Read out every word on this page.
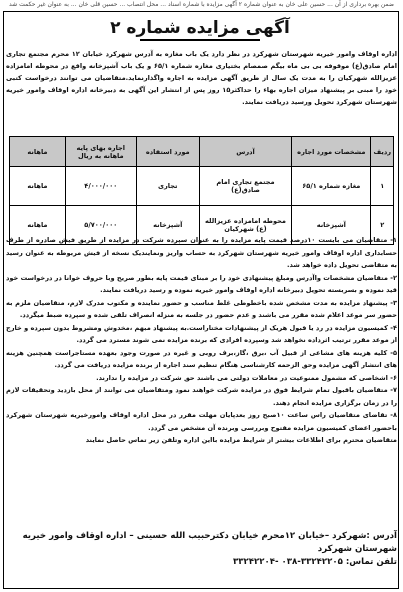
ضمن بهره برداری از آن ... حسین علی خان به عنوان شماره ۲ آگهی مزایده با شماره اسناد ... محل انتصاب ... حسین قلی خان ... به عنوان غیر حکمت شد
آگهی مزایده شماره ۲
اداره اوقاف وامور خیریه شهرستان شهرکرد در نظر دارد یک باب مغازه به آدرس شهرکرد خیابان ۱۲ محرم مجتمع تجاری امام صادق(ع) موقوفه بی بی ماه بیگم صمصام بختیاری مغازه شماره ۶۵/۱ و یک باب آشپزخانه واقع در محوطه امامزاده عزیزالله شهرکیان را به مدت یک سال از طریق آگهی مزایده به اجاره واگذارنماید.متقاضیان می توانند درخواست کتبی خود را مبنی بر پیشنهاد میزان اجاره بهاء را حداکثر۱۵ روز پس از انتشار این آگهی به دبیرخانه اداره اوقاف وامور خیریه شهرستان شهرکرد تحویل ورسید دریافت نمایند.
ردیف	مشخصات مورد اجاره	آدرس	مورد استفاده	اجاره بهای پایه ماهانه به ریال	ماهانه
۱	مغازه شماره ۶۵/۱	مجتمع تجاری امام صادق(ع)	تجاری	۴/۰۰۰/۰۰۰	ماهانه
۲	آشپزخانه	محوطه امامزاده عزیزالله (ع) شهرکیان	آشپزخانه	۵/۷۰۰/۰۰۰	ماهانه

۱- متقاضیان می بایست ۱۰درصد قیمت پایه مزایده را به عنوان سپرده شرکت در مزایده از طریق فیش صادره از طرف حسابداری اداره اوقاف وامور خیریه شهرستان شهرکرد به حساب واریز ونمایندیک نسخه از فیش مربوطه به عنوان رسید به متقاضی تحویل داده خواهد شد.

۲- متقاضیان مشخصات واآدرس ومبلغ پیشنهادی خود را بر مبنای قیمت پایه بطور صریح وبا حروف خوانا در درخواست خود قید نموده و بسربسته تحویل دبیرخانه اداره اوقاف وامور خیریه نموده و رسید دریافت نمایند.

۳- پیشنهاد مزایده به مدت مشخص شده باخطوطی غلط مناسب و حضور نماینده و مکتوب مدرک لازم، متقاضیان ملزم به حضور سر موعد اعلام شده مقرر می باشند و عدم حضور در جلسه به منزله انصراف تلقی شده و سپرده ضبط میگردد.

۴- کمیسیون مزایده در رد یا قبول هریک از پیشنهادات مختاراست.به پیشنهاد مبهم ،مخدوش ومشروط بدون سپرده و خارج از موعد مقرر ترتیب اثرداده نخواهد شد وسپرده افرادی که برنده مزایده نمی شوند مسترد می گردد.

۵- کلیه هزینه های مشاعی از قبیل آب ،برق ،گاز،برف روبی و غیره در صورت وجود بعهده مستاجراست همچنین هزینه های انتشار آگهی مزایده وحق الزحمه کارشناسی هنگام تنظیم سند اجاره از برنده مزایده دریافت می گردد.

۶- اشخاصی که مشمول ممنوعیت در معاملات دولتی می باشند حق شرکت در مزایده را ندارند.

۷- متقاضیان باقبول تمام شرایط فوق در مزایده شرکت خواهند نمود ومتقاضیان می توانند از محل بازدید وتحقیقات لازم را در زمان برگزاری مزایده انجام دهند.

۸- تقاضای متقاضیان راس ساعت ۱۰صبح روز بعدپایان مهلت مقرر در محل اداره اوقاف وامورخیریه شهرستان شهرکرد باحضور اعضای کمیسیون مزایده مفتوح وبررسی وبرنده آن مشخص می گردد.

متقاضیان محترم برای اطلاعات بیشتر از شرایط مزایده بااین اداره وتلفن زیر تماس حاصل نمایند

آدرس :شهرکرد –خیابان ۱۲محرم خیابان دکترحبیب الله حسینی – اداره اوقاف وامور خیریه شهرستان شهرکرد
تلفن تماس: ۳۳۲۴۲۲۰۵-۰۳۸ -۳۳۲۴۲۲۰۴
